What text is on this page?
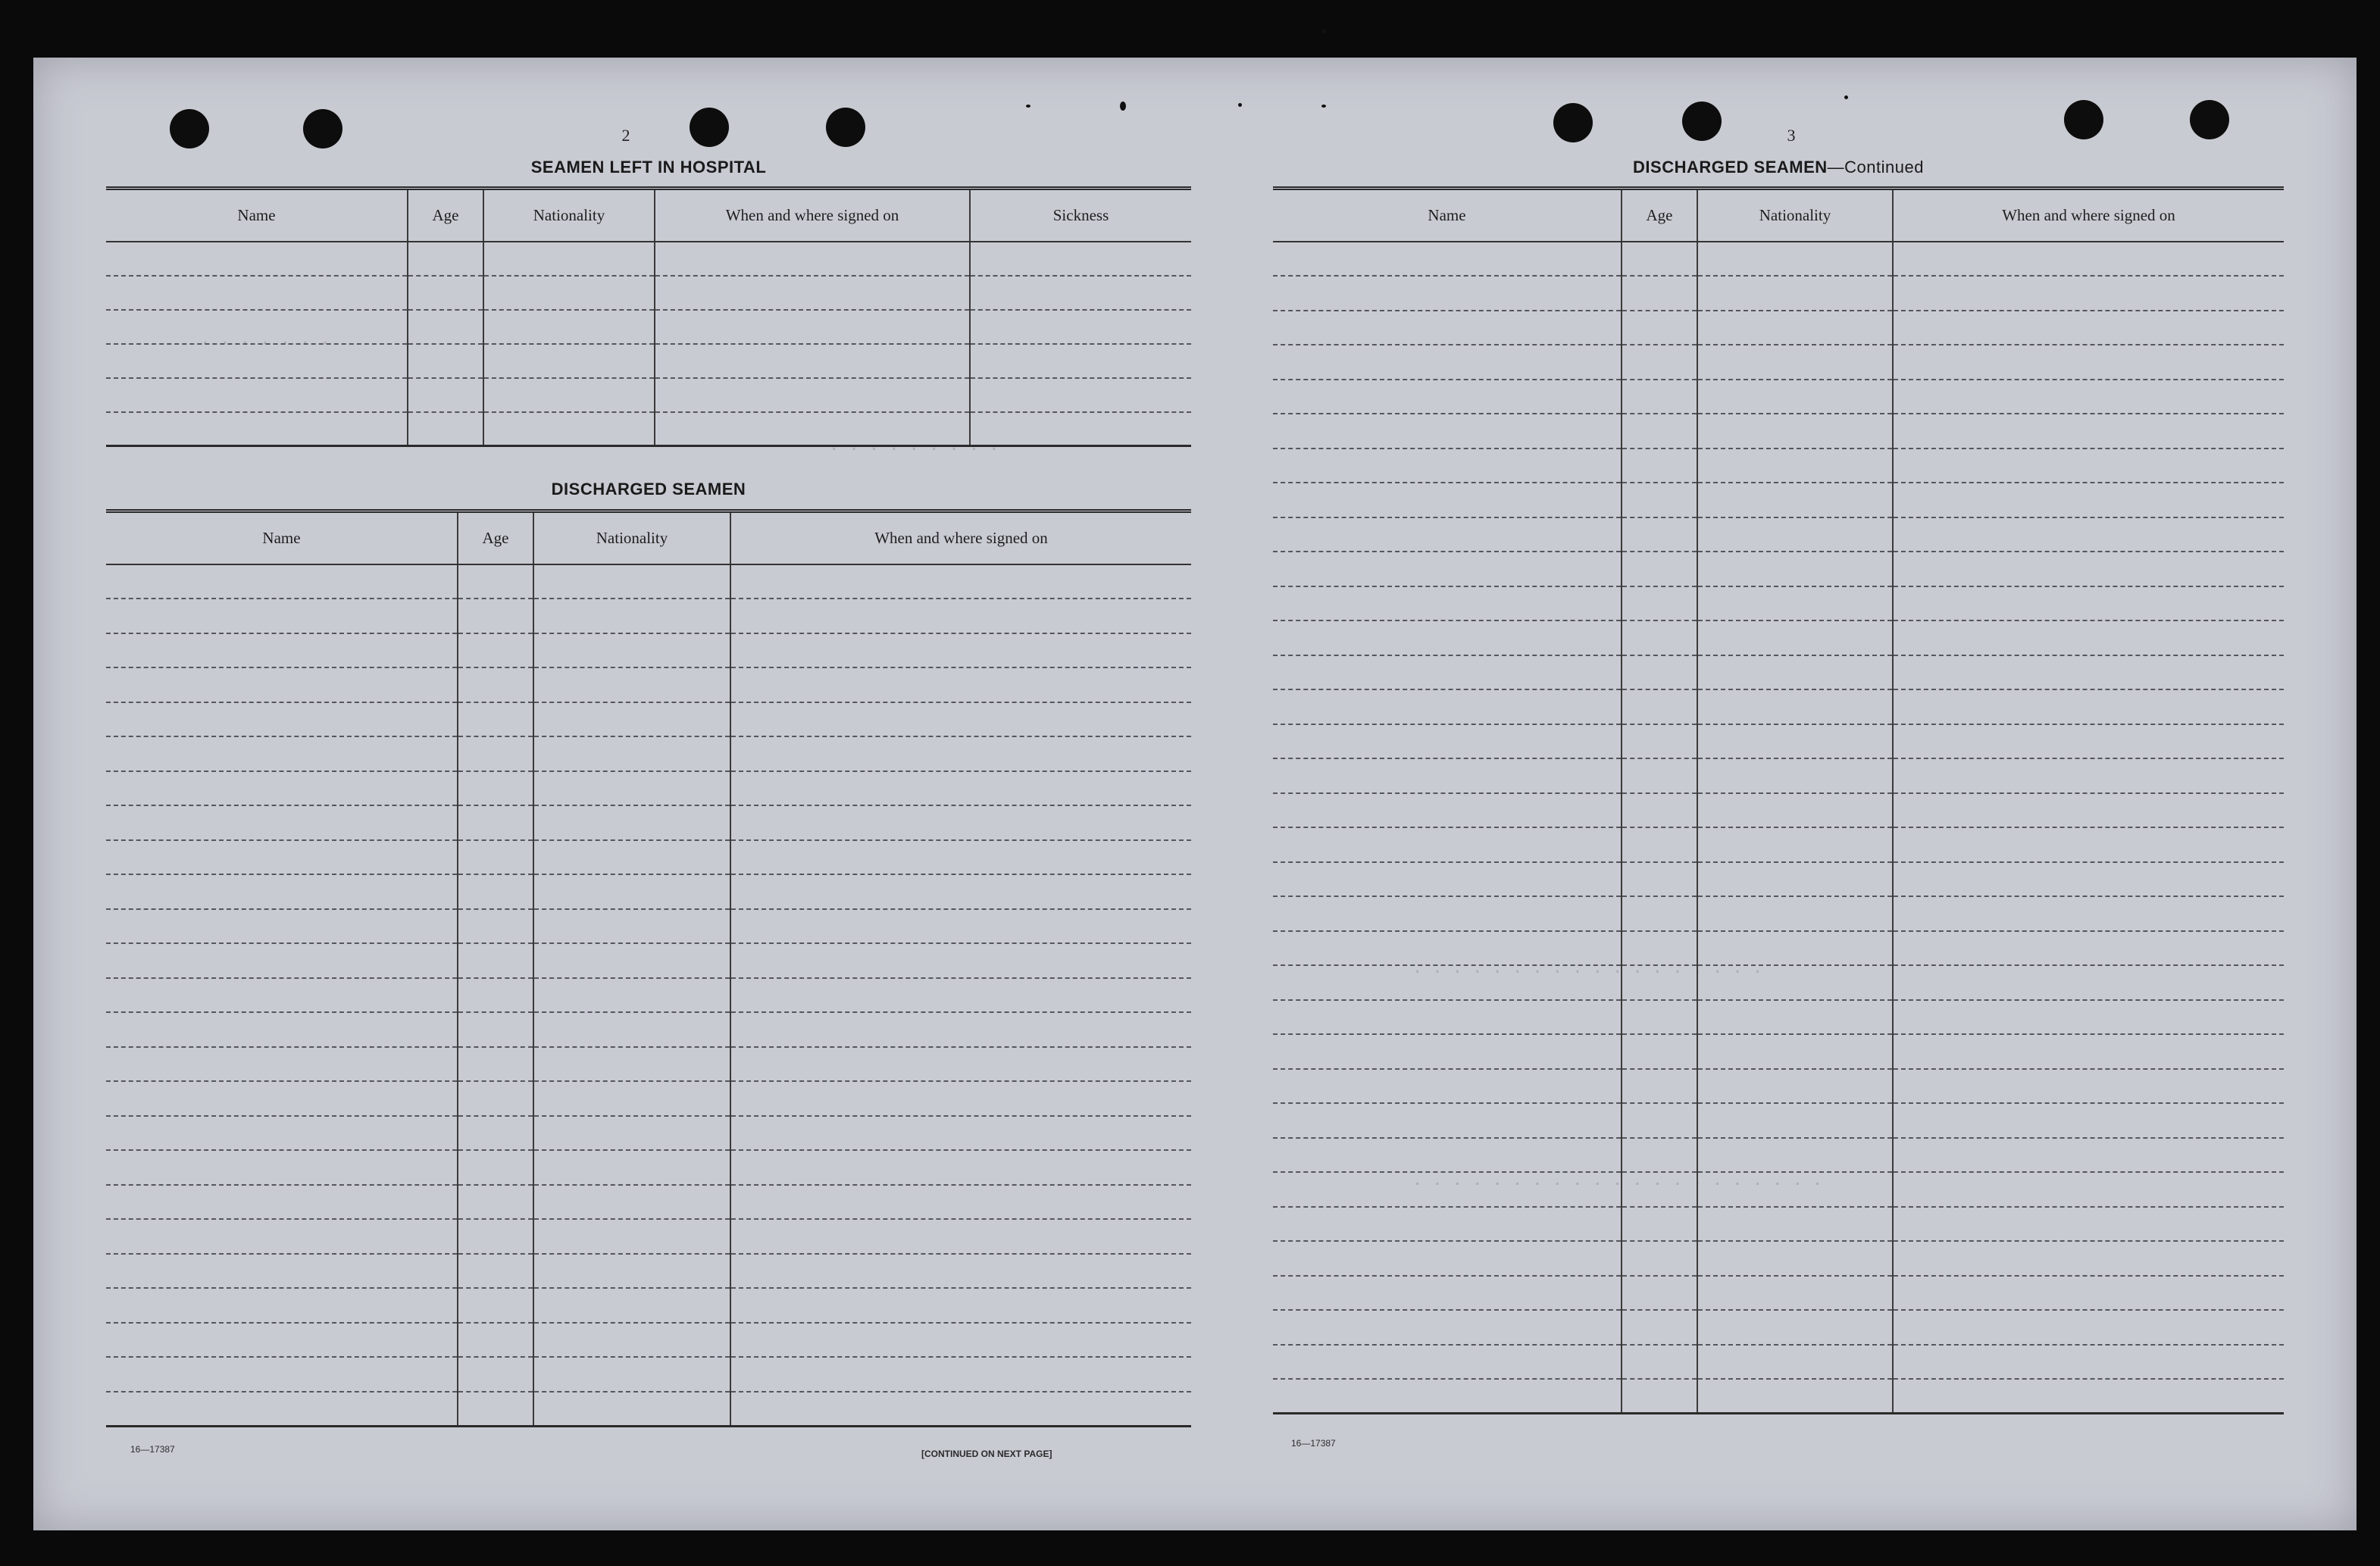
. . . . . . .
. . . . . . . . .
. . . . . . . . . . . . . . . . . .
. . . . . . . . . . . . . . . . . . . . .
2
SEAMEN LEFT IN HOSPITAL
Name	Age	Nationality	When and where signed on	Sickness

DISCHARGED SEAMEN
Name	Age	Nationality	When and where signed on

16—17387	[CONTINUED ON NEXT PAGE]
3
DISCHARGED SEAMEN—Continued
Name	Age	Nationality	When and where signed on

16—17387
